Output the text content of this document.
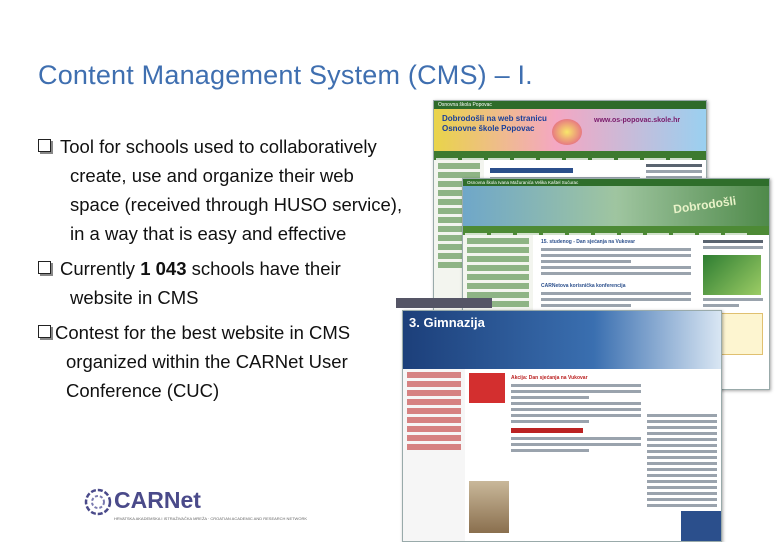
Content Management System (CMS) – I.
Tool for schools used to collaboratively
create, use and organize their web
space (received through HUSO service),
in a way that is easy and effective
Currently 1 043 schools have their
website in CMS
Contest for the best website in CMS
organized within the CARNet User
Conference (CUC)
Osnovna škola Popovac
Dobrodošli na web stranicu Osnovne škole Popovac
www.os-popovac.skole.hr
Osnovna škola Ivana Mažuranića Velika Kaštel Sućurac
Dobrodošli
15. studenog - Dan sjećanja na Vukovar
CARNetova korisnička konferencija
3. Gimnazija
Akcija: Dan sjećanja na Vukovar
24
CARNet
HRVATSKA AKADEMSKA I ISTRAŽIVAČKA MREŽA · CROATIAN ACADEMIC AND RESEARCH NETWORK
